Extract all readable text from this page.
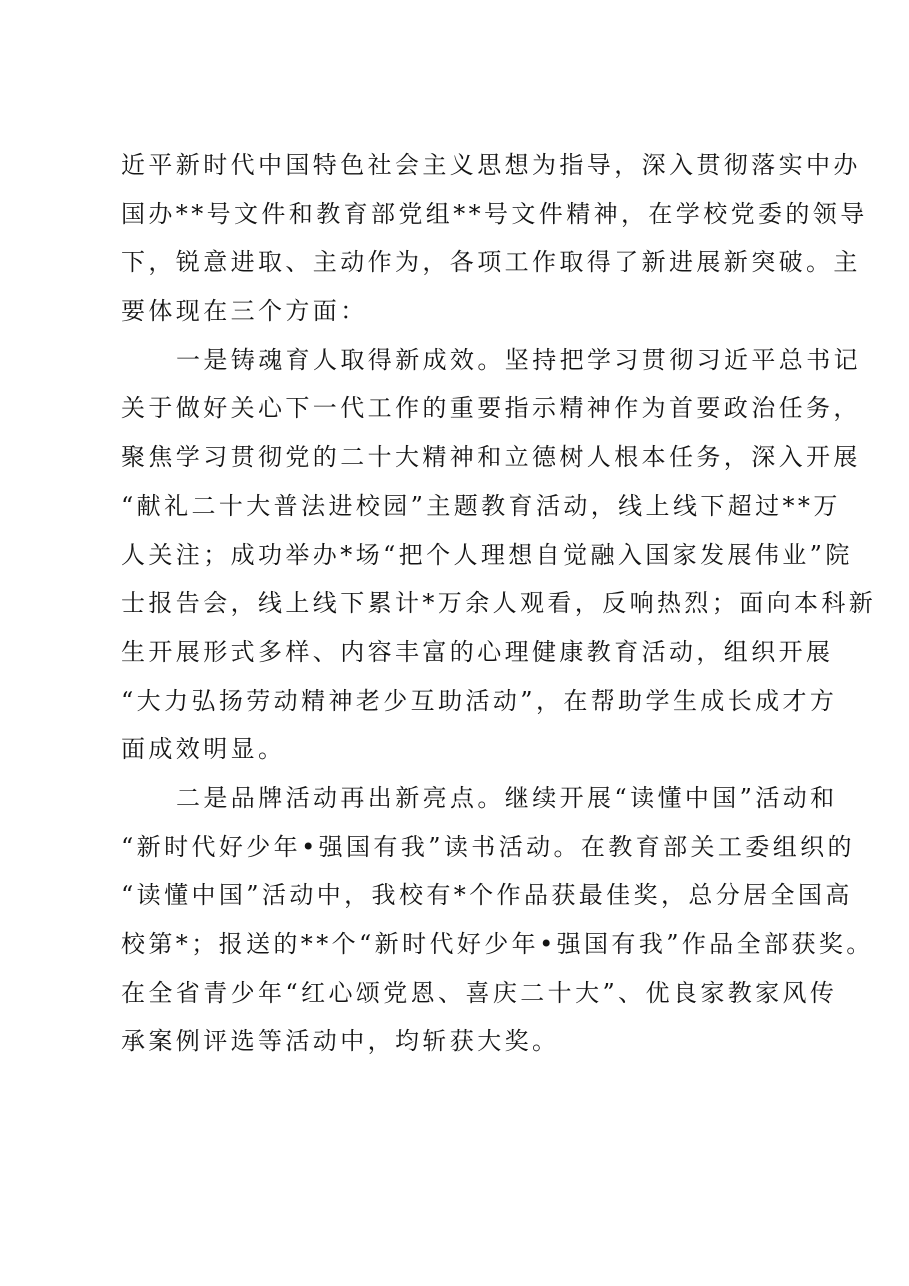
近平新时代中国特色社会主义思想为指导，深入贯彻落实中办
国办**号文件和教育部党组**号文件精神，在学校党委的领导
下，锐意进取、主动作为，各项工作取得了新进展新突破。主
要体现在三个方面：
一是铸魂育人取得新成效。坚持把学习贯彻习近平总书记
关于做好关心下一代工作的重要指示精神作为首要政治任务，
聚焦学习贯彻党的二十大精神和立德树人根本任务，深入开展
“献礼二十大普法进校园”主题教育活动，线上线下超过**万
人关注；成功举办*场“把个人理想自觉融入国家发展伟业”院
士报告会，线上线下累计*万余人观看，反响热烈；面向本科新
生开展形式多样、内容丰富的心理健康教育活动，组织开展
“大力弘扬劳动精神老少互助活动”，在帮助学生成长成才方
面成效明显。
二是品牌活动再出新亮点。继续开展“读懂中国”活动和
“新时代好少年•强国有我”读书活动。在教育部关工委组织的
“读懂中国”活动中，我校有*个作品获最佳奖，总分居全国高
校第*；报送的**个“新时代好少年•强国有我”作品全部获奖。
在全省青少年“红心颂党恩、喜庆二十大”、优良家教家风传
承案例评选等活动中，均斩获大奖。
